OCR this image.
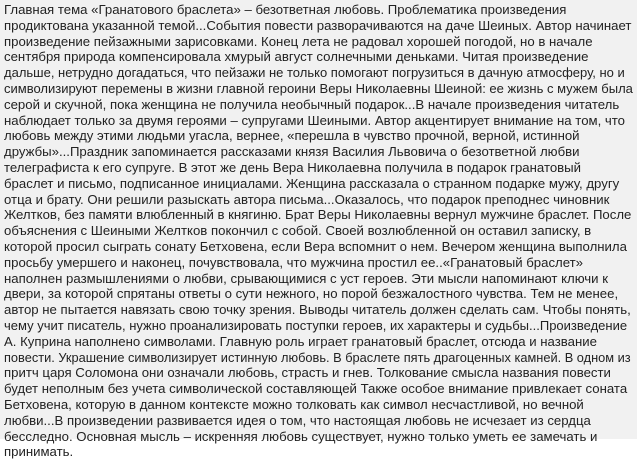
Главная тема «Гранатового браслета» – безответная любовь. Проблематика произведения
продиктована указанной темой...События повести разворачиваются на даче Шеиных. Автор начинает
произведение пейзажными зарисовками. Конец лета не радовал хорошей погодой, но в начале
сентября природа компенсировала хмурый август солнечными деньками. Читая произведение
дальше, нетрудно догадаться, что пейзажи не только помогают погрузиться в дачную атмосферу, но и
символизируют перемены в жизни главной героини Веры Николаевны Шеиной: ее жизнь с мужем была
серой и скучной, пока женщина не получила необычный подарок...В начале произведения читатель
наблюдает только за двумя героями – супругами Шеиными. Автор акцентирует внимание на том, что
любовь между этими людьми угасла, вернее, «перешла в чувство прочной, верной, истинной
дружбы»...Праздник запоминается рассказами князя Василия Львовича о безответной любви
телеграфиста к его супруге. В этот же день Вера Николаевна получила в подарок гранатовый
браслет и письмо, подписанное инициалами. Женщина рассказала о странном подарке мужу, другу
отца и брату. Они решили разыскать автора письма...Оказалось, что подарок преподнес чиновник
Желтков, без памяти влюбленный в княгиню. Брат Веры Николаевны вернул мужчине браслет. После
объяснения с Шеиными Желтков покончил с собой. Своей возлюбленной он оставил записку, в
которой просил сыграть сонату Бетховена, если Вера вспомнит о нем. Вечером женщина выполнила
просьбу умершего и наконец, почувствовала, что мужчина простил ее..«Гранатовый браслет»
наполнен размышлениями о любви, срывающимися с уст героев. Эти мысли напоминают ключи к
двери, за которой спрятаны ответы о сути нежного, но порой безжалостного чувства. Тем не менее,
автор не пытается навязать свою точку зрения. Выводы читатель должен сделать сам. Чтобы понять,
чему учит писатель, нужно проанализировать поступки героев, их характеры и судьбы...Произведение
А. Куприна наполнено символами. Главную роль играет гранатовый браслет, отсюда и название
повести. Украшение символизирует истинную любовь. В браслете пять драгоценных камней. В одном из
притч царя Соломона они означали любовь, страсть и гнев. Толкование смысла названия повести
будет неполным без учета символической составляющей Также особое внимание привлекает соната
Бетховена, которую в данном контексте можно толковать как символ несчастливой, но вечной
любви...В произведении развивается идея о том, что настоящая любовь не исчезает из сердца
бесследно. Основная мысль – искренняя любовь существует, нужно только уметь ее замечать и
принимать.
